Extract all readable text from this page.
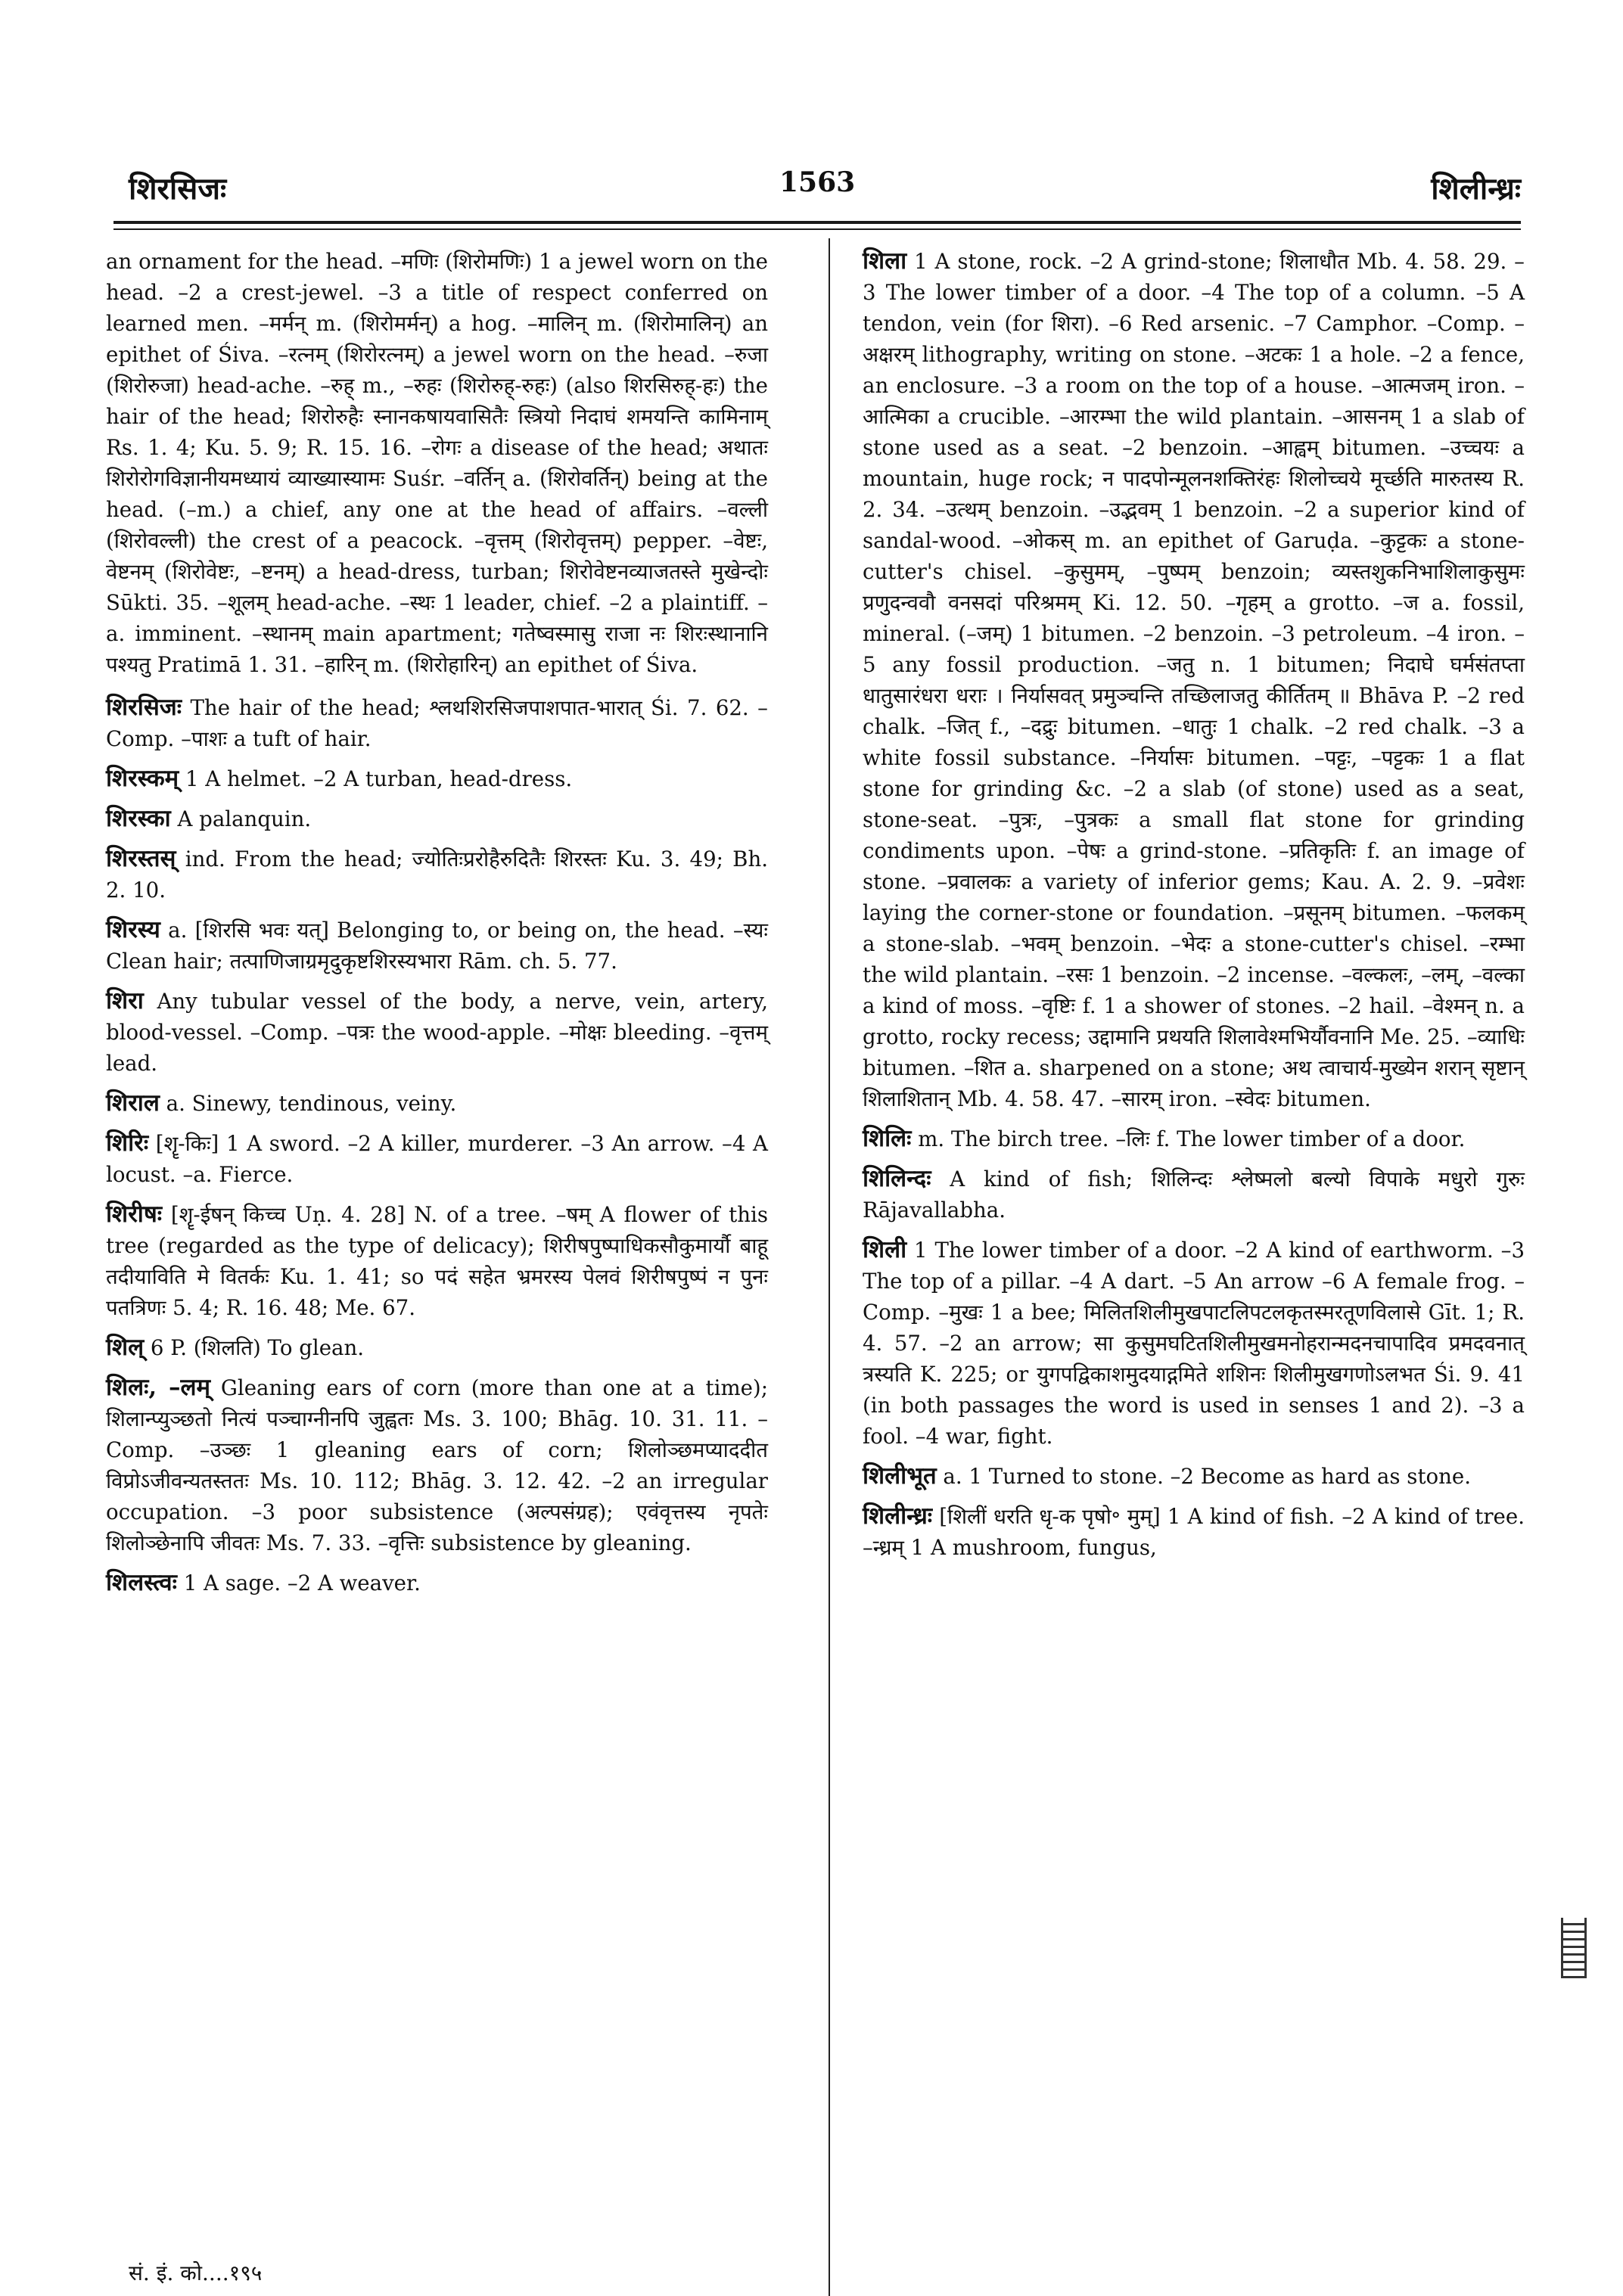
शिरसिजः	1563	शिलीन्ध्रः

an ornament for the head. –मणिः (शिरोमणिः) 1 a jewel worn on the head. –2 a crest-jewel. –3 a title of respect conferred on learned men. –मर्मन् m. (शिरोमर्मन्) a hog. –मालिन् m. (शिरोमालिन्) an epithet of Śiva. –रत्नम् (शिरोरत्नम्) a jewel worn on the head. –रुजा (शिरोरुजा) head-ache. –रुह् m., –रुहः (शिरोरुह्-रुहः) (also शिरसिरुह्-हः) the hair of the head; शिरोरुहैः स्नानकषायवासितैः स्त्रियो निदाघं शमयन्ति कामिनाम् Rs. 1. 4; Ku. 5. 9; R. 15. 16. –रोगः a disease of the head; अथातः शिरोरोगविज्ञानीयमध्यायं व्याख्यास्यामः Suśr. –वर्तिन् a. (शिरोवर्तिन्) being at the head. (–m.) a chief, any one at the head of affairs. –वल्ली (शिरोवल्ली) the crest of a peacock. –वृत्तम् (शिरोवृत्तम्) pepper. –वेष्टः, वेष्टनम् (शिरोवेष्टः, –ष्टनम्) a head-dress, turban; शिरोवेष्टनव्याजतस्ते मुखेन्दोः Sūkti. 35. –शूलम् head-ache. –स्थः 1 leader, chief. –2 a plaintiff. –a. imminent. –स्थानम् main apartment; गतेष्वस्मासु राजा नः शिरःस्थानानि पश्यतु Pratimā 1. 31. –हारिन् m. (शिरोहारिन्) an epithet of Śiva.

शिरसिजः The hair of the head; श्लथशिरसिजपाशपात-भारात् Śi. 7. 62. –Comp. –पाशः a tuft of hair.

शिरस्कम् 1 A helmet. –2 A turban, head-dress.

शिरस्का A palanquin.

शिरस्तस् ind. From the head; ज्योतिःप्ररोहैरुदितैः शिरस्तः Ku. 3. 49; Bh. 2. 10.

शिरस्य a. [शिरसि भवः यत्] Belonging to, or being on, the head. –स्यः Clean hair; तत्पाणिजाग्रमृदुकृष्टशिरस्यभारा Rām. ch. 5. 77.

शिरा Any tubular vessel of the body, a nerve, vein, artery, blood-vessel. –Comp. –पत्रः the wood-apple. –मोक्षः bleeding. –वृत्तम् lead.

शिराल a. Sinewy, tendinous, veiny.

शिरिः [शॄ-किः] 1 A sword. –2 A killer, murderer. –3 An arrow. –4 A locust. –a. Fierce.

शिरीषः [शॄ-ईषन् किच्च Uṇ. 4. 28] N. of a tree. –षम् A flower of this tree (regarded as the type of delicacy); शिरीषपुष्पाधिकसौकुमार्यौ बाहू तदीयाविति मे वितर्कः Ku. 1. 41; so पदं सहेत भ्रमरस्य पेलवं शिरीषपुष्पं न पुनः पतत्रिणः 5. 4; R. 16. 48; Me. 67.

शिल् 6 P. (शिलति) To glean.

शिलः, –लम् Gleaning ears of corn (more than one at a time); शिलान्प्युञ्छतो नित्यं पञ्चाग्नीनपि जुह्वतः Ms. 3. 100; Bhāg. 10. 31. 11. –Comp. –उञ्छः 1 gleaning ears of corn; शिलोञ्छमप्याददीत विप्रोऽजीवन्यतस्ततः Ms. 10. 112; Bhāg. 3. 12. 42. –2 an irregular occupation. –3 poor subsistence (अल्पसंग्रह); एवंवृत्तस्य नृपतेः शिलोञ्छेनापि जीवतः Ms. 7. 33. –वृत्तिः subsistence by gleaning.

शिलस्त्वः 1 A sage. –2 A weaver.

शिला 1 A stone, rock. –2 A grind-stone; शिलाधौत Mb. 4. 58. 29. –3 The lower timber of a door. –4 The top of a column. –5 A tendon, vein (for शिरा). –6 Red arsenic. –7 Camphor. –Comp. –अक्षरम् lithography, writing on stone. –अटकः 1 a hole. –2 a fence, an enclosure. –3 a room on the top of a house. –आत्मजम् iron. –आत्मिका a crucible. –आरम्भा the wild plantain. –आसनम् 1 a slab of stone used as a seat. –2 benzoin. –आह्वम् bitumen. –उच्चयः a mountain, huge rock; न पादपोन्मूलनशक्तिरंहः शिलोच्चये मूर्च्छति मारुतस्य R. 2. 34. –उत्थम् benzoin. –उद्भवम् 1 benzoin. –2 a superior kind of sandal-wood. –ओकस् m. an epithet of Garuḍa. –कुट्टकः a stone-cutter's chisel. –कुसुमम्, –पुष्पम् benzoin; व्यस्तशुकनिभाशिलाकुसुमः प्रणुदन्ववौ वनसदां परिश्रमम् Ki. 12. 50. –गृहम् a grotto. –ज a. fossil, mineral. (–जम्) 1 bitumen. –2 benzoin. –3 petroleum. –4 iron. –5 any fossil production. –जतु n. 1 bitumen; निदाघे घर्मसंतप्ता धातुसारंधरा धराः । निर्यासवत् प्रमुञ्चन्ति तच्छिलाजतु कीर्तितम् ॥ Bhāva P. –2 red chalk. –जित् f., –दद्रुः bitumen. –धातुः 1 chalk. –2 red chalk. –3 a white fossil substance. –निर्यासः bitumen. –पट्टः, –पट्टकः 1 a flat stone for grinding &c. –2 a slab (of stone) used as a seat, stone-seat. –पुत्रः, –पुत्रकः a small flat stone for grinding condiments upon. –पेषः a grind-stone. –प्रतिकृतिः f. an image of stone. –प्रवालकः a variety of inferior gems; Kau. A. 2. 9. –प्रवेशः laying the corner-stone or foundation. –प्रसूनम् bitumen. –फलकम् a stone-slab. –भवम् benzoin. –भेदः a stone-cutter's chisel. –रम्भा the wild plantain. –रसः 1 benzoin. –2 incense. –वल्कलः, –लम्, –वल्का a kind of moss. –वृष्टिः f. 1 a shower of stones. –2 hail. –वेश्मन् n. a grotto, rocky recess; उद्दामानि प्रथयति शिलावेश्मभिर्यौवनानि Me. 25. –व्याधिः bitumen. –शित a. sharpened on a stone; अथ त्वाचार्य-मुख्येन शरान् सृष्टान् शिलाशितान् Mb. 4. 58. 47. –सारम् iron. –स्वेदः bitumen.

शिलिः m. The birch tree. –लिः f. The lower timber of a door.

शिलिन्दः A kind of fish; शिलिन्दः श्लेष्मलो बल्यो विपाके मधुरो गुरुः Rājavallabha.

शिली 1 The lower timber of a door. –2 A kind of earthworm. –3 The top of a pillar. –4 A dart. –5 An arrow –6 A female frog. –Comp. –मुखः 1 a bee; मिलितशिलीमुखपाटलिपटलकृतस्मरतूणविलासे Gīt. 1; R. 4. 57. –2 an arrow; सा कुसुमघटितशिलीमुखमनोहरान्मदनचापादिव प्रमदवनात् त्रस्यति K. 225; or युगपद्विकाशमुदयाद्गमिते शशिनः शिलीमुखगणोऽलभत Śi. 9. 41 (in both passages the word is used in senses 1 and 2). –3 a fool. –4 war, fight.

शिलीभूत a. 1 Turned to stone. –2 Become as hard as stone.

शिलीन्ध्रः [शिलीं धरति धृ-क पृषो॰ मुम्] 1 A kind of fish. –2 A kind of tree. –न्ध्रम् 1 A mushroom, fungus,

सं. इं. को....१९५
